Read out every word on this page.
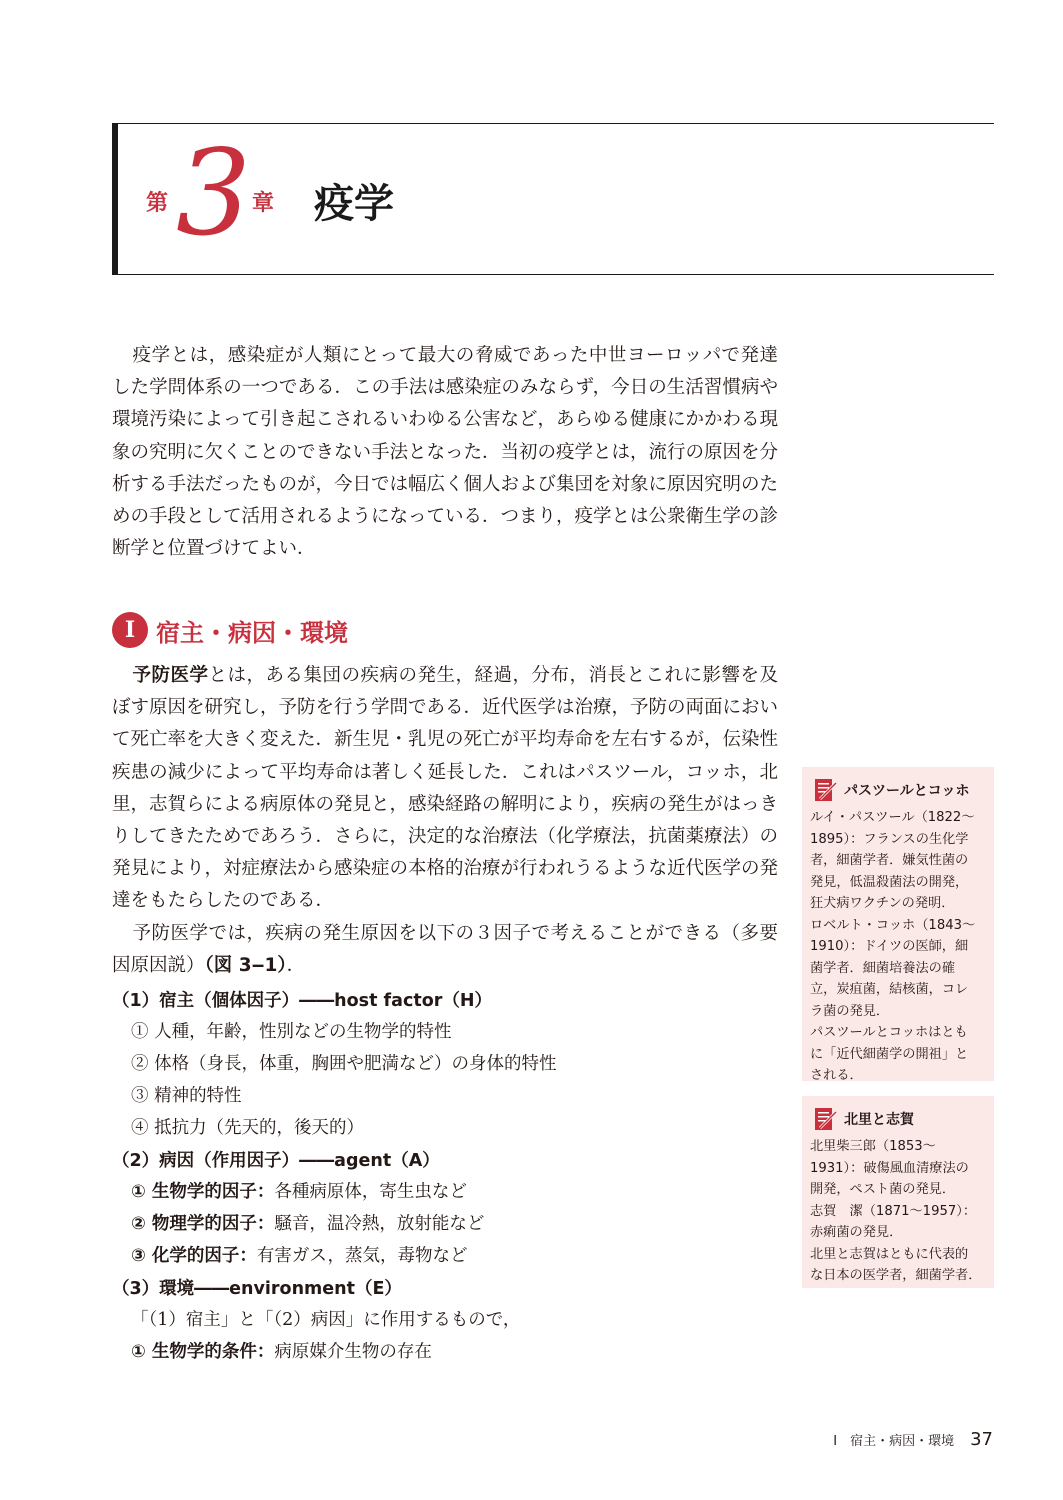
第 3 章 疫学

疫学とは，感染症が人類にとって最大の脅威であった中世ヨーロッパで発達した学問体系の一つである．この手法は感染症のみならず，今日の生活習慣病や環境汚染によって引き起こされるいわゆる公害など，あらゆる健康にかかわる現象の究明に欠くことのできない手法となった．当初の疫学とは，流行の原因を分析する手法だったものが，今日では幅広く個人および集団を対象に原因究明のための手段として活用されるようになっている．つまり，疫学とは公衆衛生学の診断学と位置づけてよい．

I 宿主・病因・環境

予防医学とは，ある集団の疾病の発生，経過，分布，消長とこれに影響を及ぼす原因を研究し，予防を行う学問である．近代医学は治療，予防の両面において死亡率を大きく変えた．新生児・乳児の死亡が平均寿命を左右するが，伝染性疾患の減少によって平均寿命は著しく延長した．これはパスツール，コッホ，北里，志賀らによる病原体の発見と，感染経路の解明により，疾病の発生がはっきりしてきたためであろう．さらに，決定的な治療法（化学療法，抗菌薬療法）の発見により，対症療法から感染症の本格的治療が行われうるような近代医学の発達をもたらしたのである．

予防医学では，疾病の発生原因を以下の３因子で考えることができる（多要因原因説）（図 3‒1）．

（1）宿主（個体因子）――host factor（H）
① 人種，年齢，性別などの生物学的特性
② 体格（身長，体重，胸囲や肥満など）の身体的特性
③ 精神的特性
④ 抵抗力（先天的，後天的）
（2）病因（作用因子）――agent（A）
① 生物学的因子：各種病原体，寄生虫など
② 物理学的因子：騒音，温冷熱，放射能など
③ 化学的因子：有害ガス，蒸気，毒物など
（3）環境――environment（E）
「（1）宿主」と「（2）病因」に作用するもので，
① 生物学的条件：病原媒介生物の存在
パスツールとコッホ

ルイ・パスツール（1822～

1895）：フランスの生化学

者，細菌学者．嫌気性菌の

発見，低温殺菌法の開発，

狂犬病ワクチンの発明．

ロベルト・コッホ（1843～

1910）：ドイツの医師，細

菌学者．細菌培養法の確

立，炭疽菌，結核菌，コレ

ラ菌の発見．

パスツールとコッホはとも

に「近代細菌学の開祖」と

される．

北里と志賀

北里柴三郎（1853～

1931）：破傷風血清療法の

開発，ペスト菌の発見．

志賀　潔（1871～1957）：

赤痢菌の発見．

北里と志賀はともに代表的

な日本の医学者，細菌学者．

I　宿主・病因・環境 37
